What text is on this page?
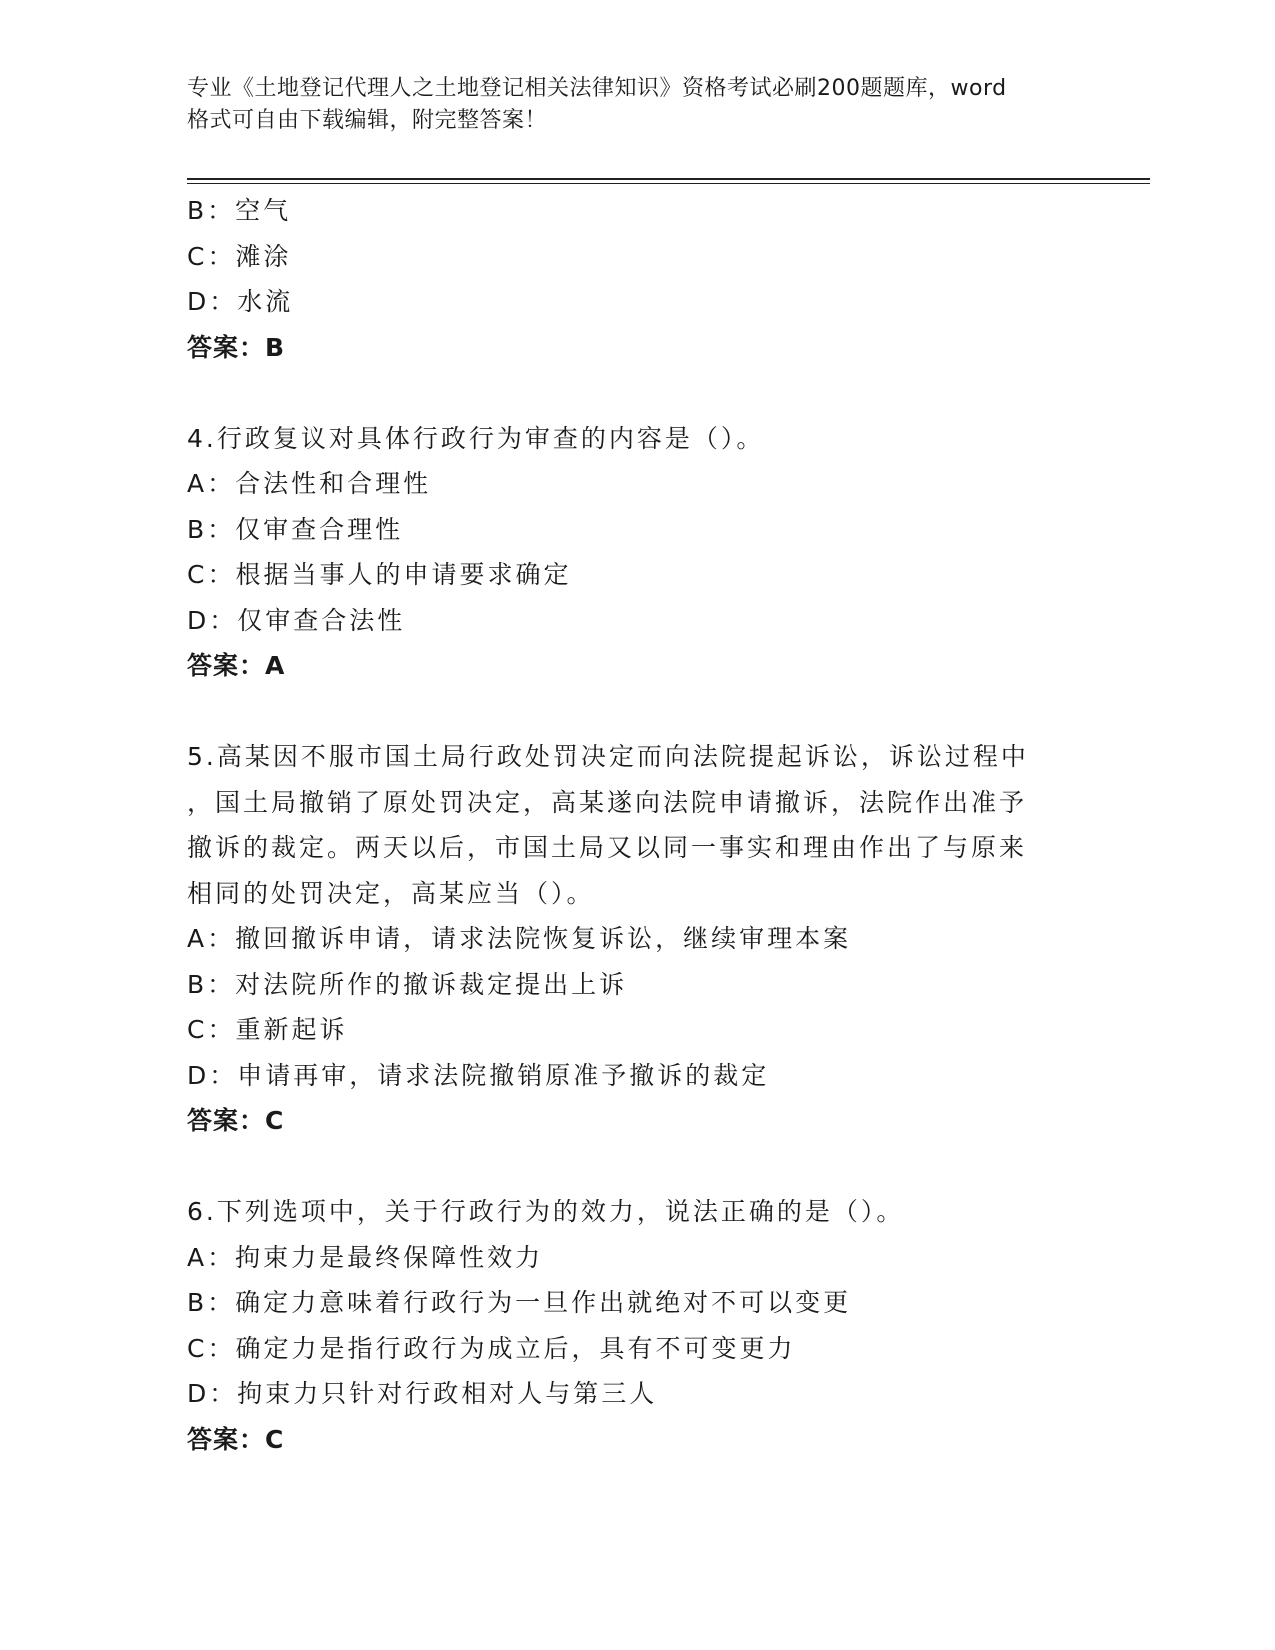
专业《土地登记代理人之土地登记相关法律知识》资格考试必刷200题题库，word
格式可自由下载编辑，附完整答案！
B：空气
C：滩涂
D：水流
答案：B
4.行政复议对具体行政行为审查的内容是（）。
A：合法性和合理性
B：仅审查合理性
C：根据当事人的申请要求确定
D：仅审查合法性
答案：A
5.高某因不服市国土局行政处罚决定而向法院提起诉讼，诉讼过程中
，国土局撤销了原处罚决定，高某遂向法院申请撤诉，法院作出准予
撤诉的裁定。两天以后，市国土局又以同一事实和理由作出了与原来
相同的处罚决定，高某应当（）。
A：撤回撤诉申请，请求法院恢复诉讼，继续审理本案
B：对法院所作的撤诉裁定提出上诉
C：重新起诉
D：申请再审，请求法院撤销原准予撤诉的裁定
答案：C
6.下列选项中，关于行政行为的效力，说法正确的是（）。
A：拘束力是最终保障性效力
B：确定力意味着行政行为一旦作出就绝对不可以变更
C：确定力是指行政行为成立后，具有不可变更力
D：拘束力只针对行政相对人与第三人
答案：C
